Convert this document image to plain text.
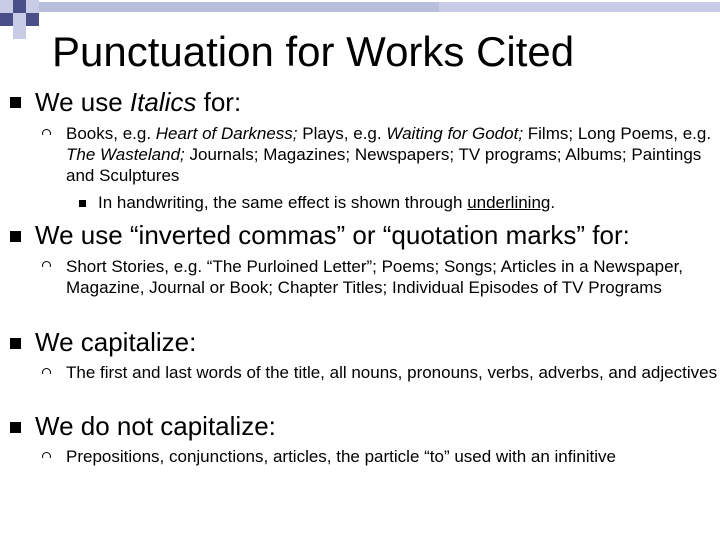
Punctuation for Works Cited
We use Italics for:
Books, e.g. Heart of Darkness; Plays, e.g. Waiting for Godot; Films; Long Poems, e.g. The Wasteland; Journals; Magazines; Newspapers; TV programs; Albums; Paintings and Sculptures
In handwriting, the same effect is shown through underlining.
We use “inverted commas” or “quotation marks” for:
Short Stories, e.g. “The Purloined Letter”; Poems; Songs; Articles in a Newspaper, Magazine, Journal or Book; Chapter Titles; Individual Episodes of TV Programs
We capitalize:
The first and last words of the title, all nouns, pronouns, verbs, adverbs, and adjectives
We do not capitalize:
Prepositions, conjunctions, articles, the particle “to” used with an infinitive
